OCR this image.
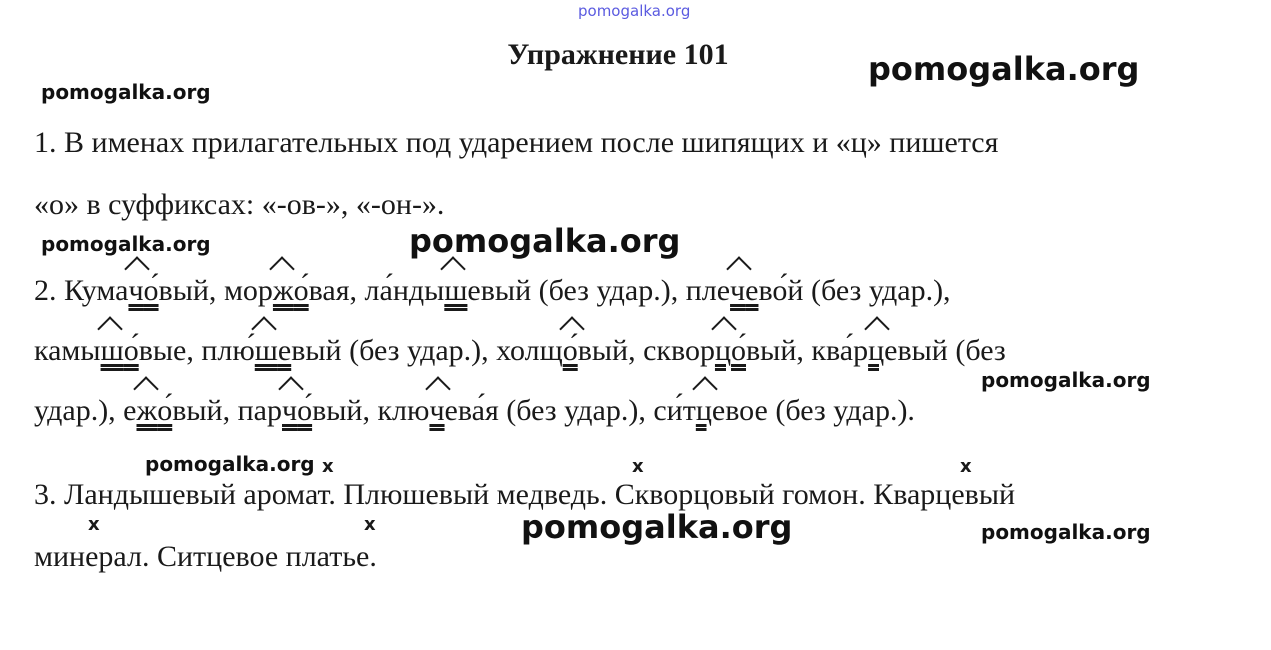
pomogalka.org
Упражнение 101
pomogalka.org
pomogalka.org
pomogalka.org	pomogalka.org
pomogalka.org
pomogalka.org
pomogalka.org	pomogalka.org
1. В именах прилагательных под ударением после шипящих и «ц» пишется
«о» в суффиксах: «-ов-», «-он-».
2. Кумач
о́вый, морж
о́вая, ла́ндыш
евый (без удар.), плеч
ево́й (без удар.),
камыш
о́вые, плю́ш
евый (без удар.), холщ
о́вый, скворц
о́вый, ква́рц
евый (без
удар.), еж
о́вый, парч
о́вый, ключ
ева́я (без удар.), си́тц
евое (без удар.).
x	x	x
x	x
3. Ландышевый аромат. Плюшевый медведь. Скворцовый гомон. Кварцевый
минерал. Ситцевое платье.
